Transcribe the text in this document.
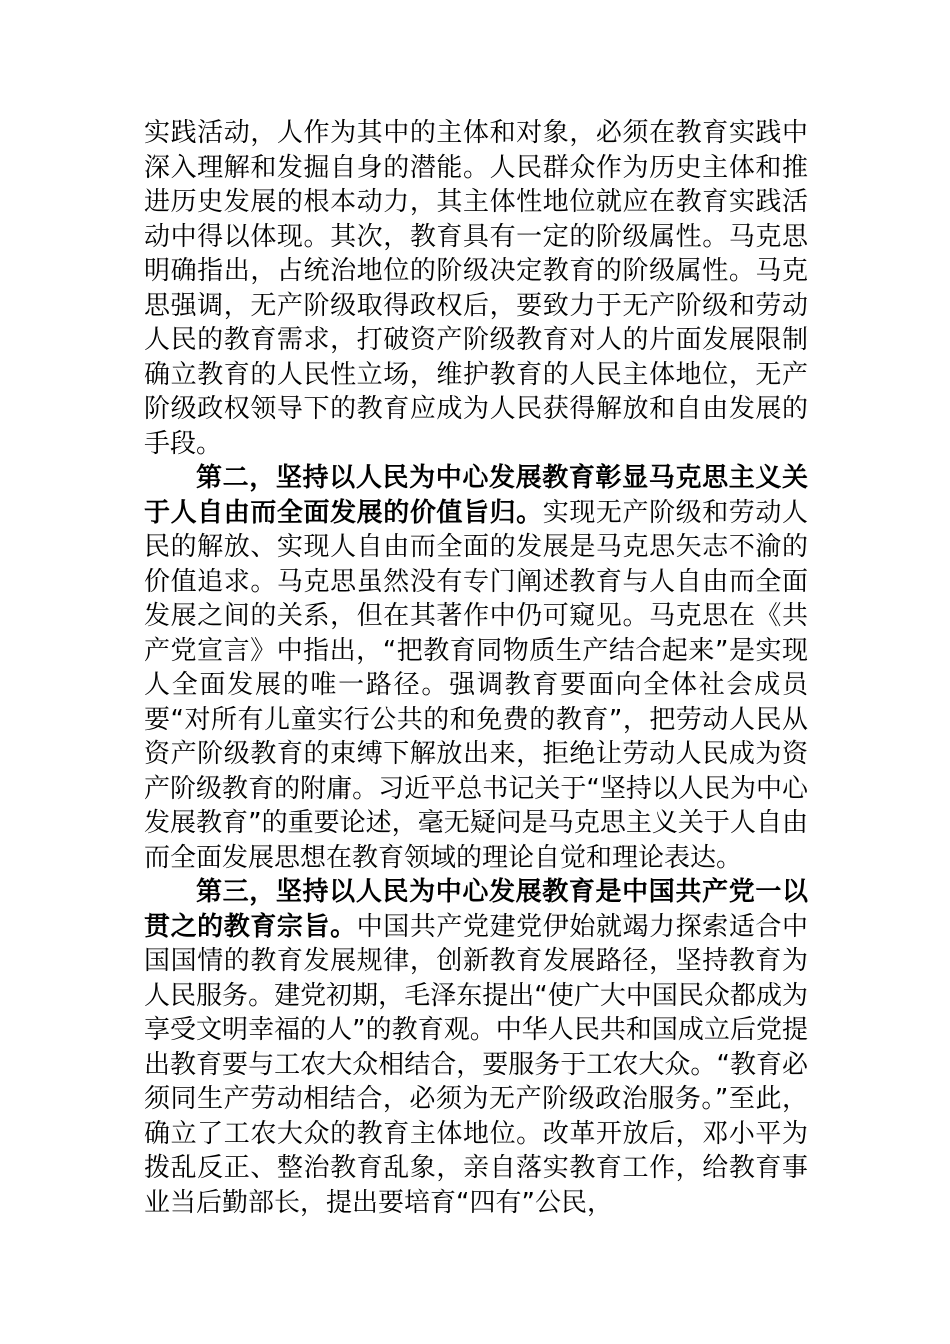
实践活动，人作为其中的主体和对象，必须在教育实践中深入理解和发掘自身的潜能。人民群众作为历史主体和推进历史发展的根本动力，其主体性地位就应在教育实践活动中得以体现。其次，教育具有一定的阶级属性。马克思明确指出，占统治地位的阶级决定教育的阶级属性。马克思强调，无产阶级取得政权后，要致力于无产阶级和劳动人民的教育需求，打破资产阶级教育对人的片面发展限制确立教育的人民性立场，维护教育的人民主体地位，无产阶级政权领导下的教育应成为人民获得解放和自由发展的手段。

第二，坚持以人民为中心发展教育彰显马克思主义关于人自由而全面发展的价值旨归。实现无产阶级和劳动人民的解放、实现人自由而全面的发展是马克思矢志不渝的价值追求。马克思虽然没有专门阐述教育与人自由而全面发展之间的关系，但在其著作中仍可窥见。马克思在《共产党宣言》中指出，“把教育同物质生产结合起来”是实现人全面发展的唯一路径。强调教育要面向全体社会成员要“对所有儿童实行公共的和免费的教育”，把劳动人民从资产阶级教育的束缚下解放出来，拒绝让劳动人民成为资产阶级教育的附庸。习近平总书记关于“坚持以人民为中心发展教育”的重要论述，毫无疑问是马克思主义关于人自由而全面发展思想在教育领域的理论自觉和理论表达。

第三，坚持以人民为中心发展教育是中国共产党一以贯之的教育宗旨。中国共产党建党伊始就竭力探索适合中国国情的教育发展规律，创新教育发展路径，坚持教育为人民服务。建党初期，毛泽东提出“使广大中国民众都成为享受文明幸福的人”的教育观。中华人民共和国成立后党提出教育要与工农大众相结合，要服务于工农大众。“教育必须同生产劳动相结合，必须为无产阶级政治服务。”至此，确立了工农大众的教育主体地位。改革开放后，邓小平为拨乱反正、整治教育乱象，亲自落实教育工作，给教育事业当后勤部长，提出要培育“四有”公民，
